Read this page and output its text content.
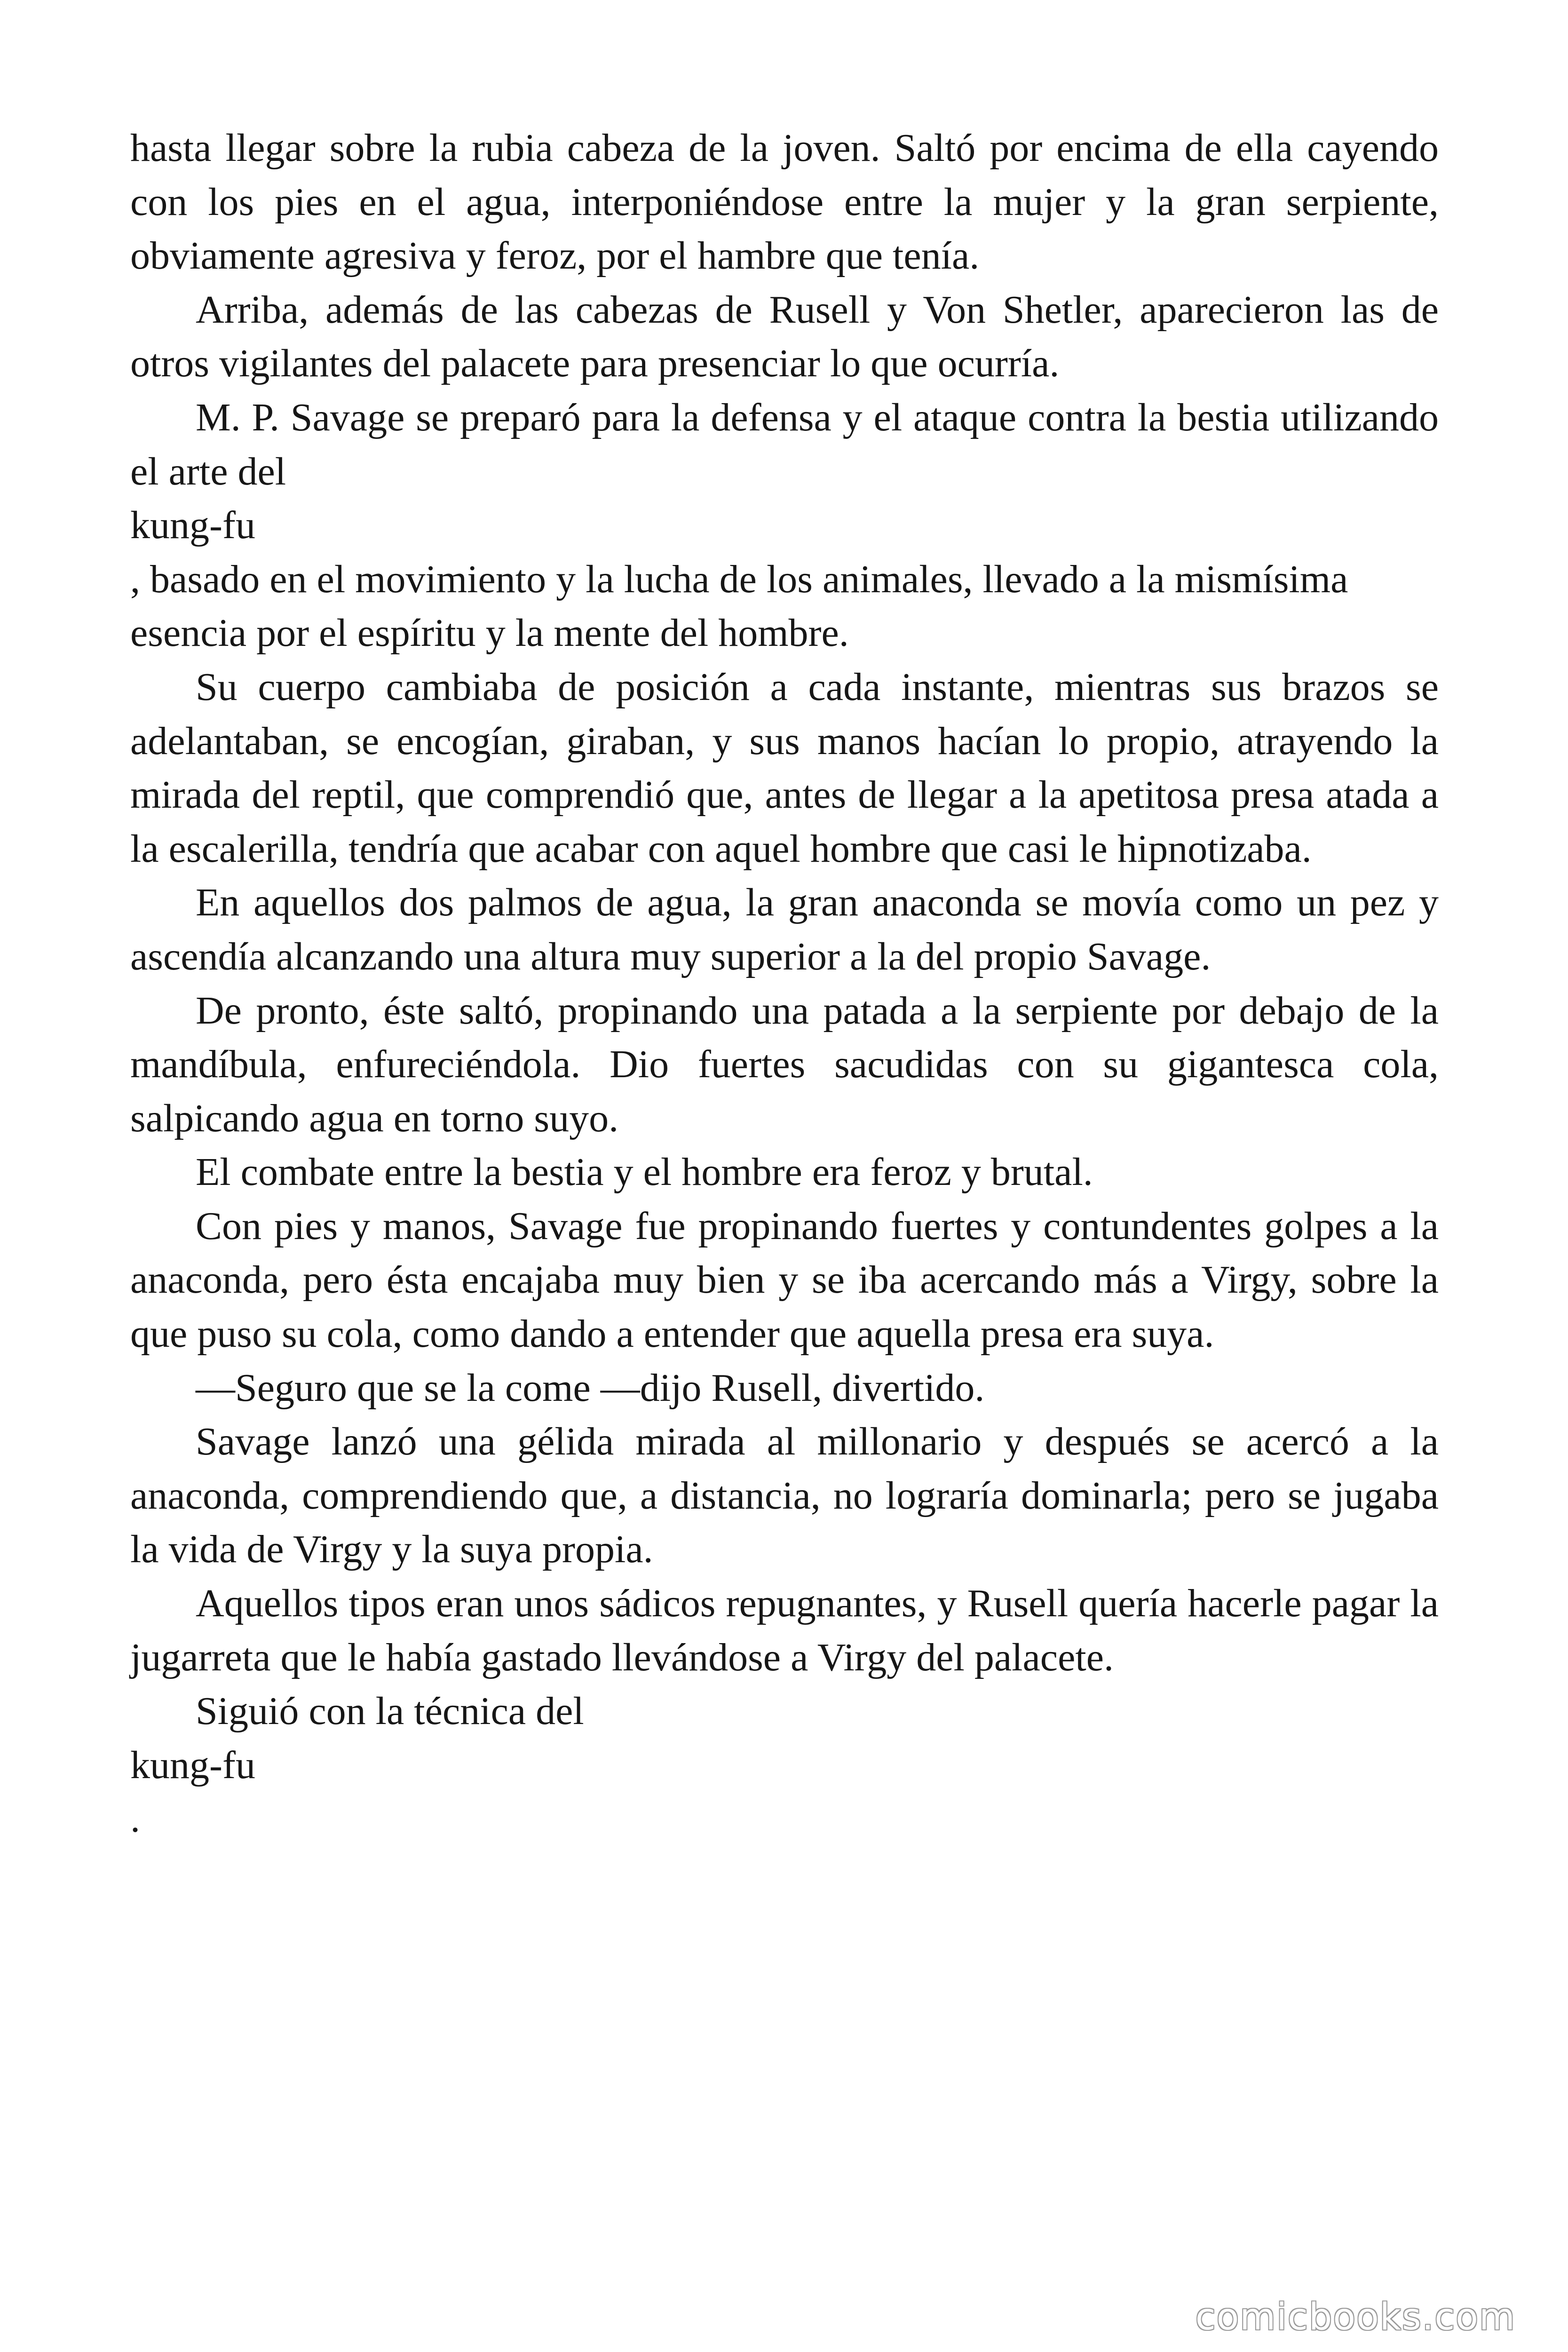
hasta llegar sobre la rubia cabeza de la joven. Saltó por encima de ella cayendo con los pies en el agua, interponiéndose entre la mujer y la gran serpiente, obviamente agresiva y feroz, por el hambre que tenía.

Arriba, además de las cabezas de Rusell y Von Shetler, aparecieron las de otros vigilantes del palacete para presenciar lo que ocurría.

M. P. Savage se preparó para la defensa y el ataque contra la bestia utilizando el arte del

kung-fu

, basado en el movimiento y la lucha de los animales, llevado a la mismísima esencia por el espíritu y la mente del hombre.

Su cuerpo cambiaba de posición a cada instante, mientras sus brazos se adelantaban, se encogían, giraban, y sus manos hacían lo propio, atrayendo la mirada del reptil, que comprendió que, antes de llegar a la apetitosa presa atada a la escalerilla, tendría que acabar con aquel hombre que casi le hipnotizaba.

En aquellos dos palmos de agua, la gran anaconda se movía como un pez y ascendía alcanzando una altura muy superior a la del propio Savage.

De pronto, éste saltó, propinando una patada a la serpiente por debajo de la mandíbula, enfureciéndola. Dio fuertes sacudidas con su gigantesca cola, salpicando agua en torno suyo.

El combate entre la bestia y el hombre era feroz y brutal.

Con pies y manos, Savage fue propinando fuertes y contundentes golpes a la anaconda, pero ésta encajaba muy bien y se iba acercando más a Virgy, sobre la que puso su cola, como dando a entender que aquella presa era suya.

—Seguro que se la come —dijo Rusell, divertido.

Savage lanzó una gélida mirada al millonario y después se acercó a la anaconda, comprendiendo que, a distancia, no lograría dominarla; pero se jugaba la vida de Virgy y la suya propia.

Aquellos tipos eran unos sádicos repugnantes, y Rusell quería hacerle pagar la jugarreta que le había gastado llevándose a Virgy del palacete.

Siguió con la técnica del

kung-fu

.

comicbooks.com
